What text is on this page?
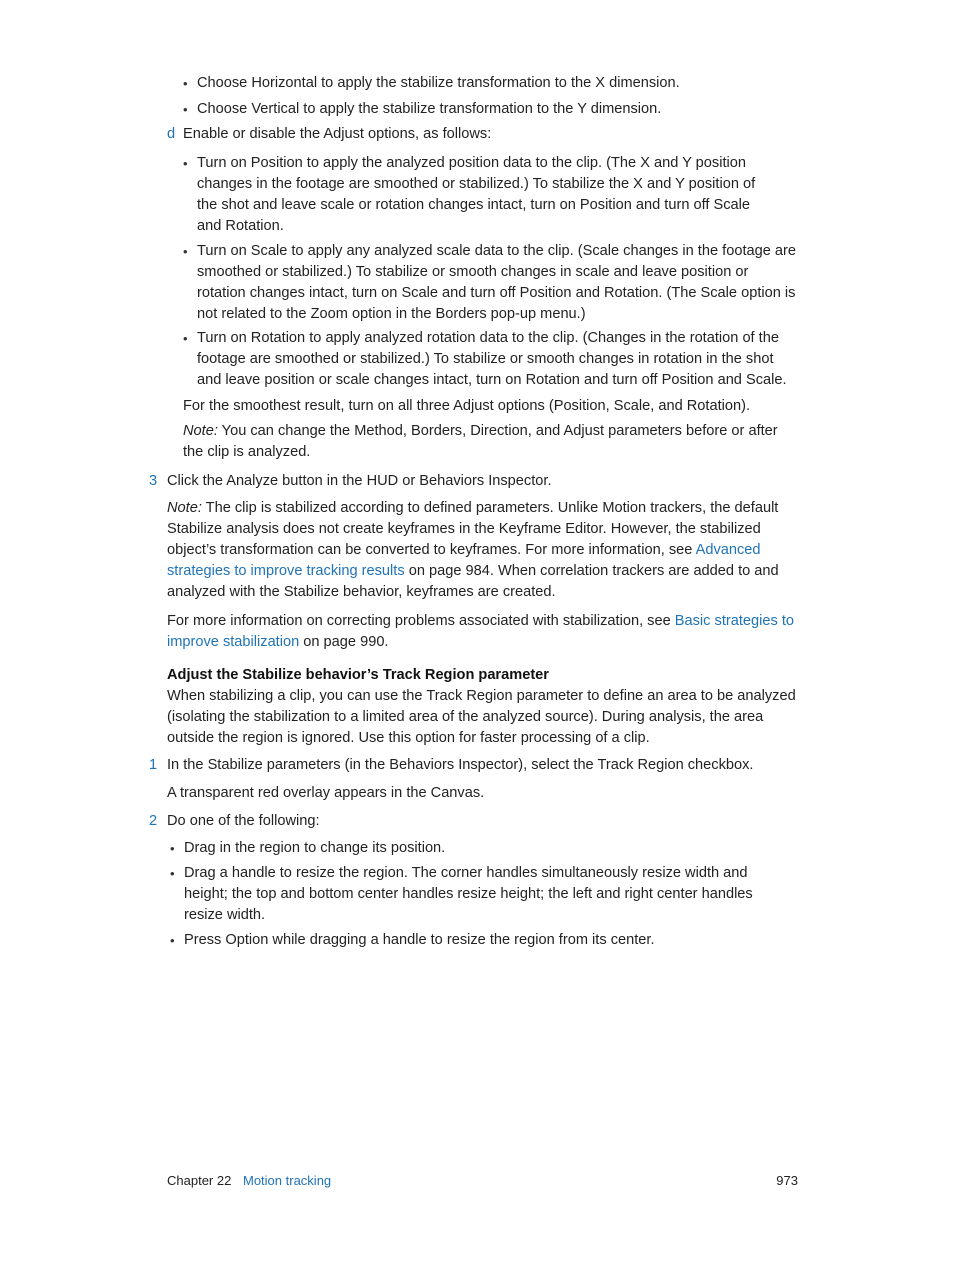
• Choose Horizontal to apply the stabilize transformation to the X dimension.

• Choose Vertical to apply the stabilize transformation to the Y dimension.

d Enable or disable the Adjust options, as follows:

• Turn on Position to apply the analyzed position data to the clip. (The X and Y position changes in the footage are smoothed or stabilized.) To stabilize the X and Y position of the shot and leave scale or rotation changes intact, turn on Position and turn off Scale and Rotation.

• Turn on Scale to apply any analyzed scale data to the clip. (Scale changes in the footage are smoothed or stabilized.) To stabilize or smooth changes in scale and leave position or rotation changes intact, turn on Scale and turn off Position and Rotation. (The Scale option is not related to the Zoom option in the Borders pop-up menu.)

• Turn on Rotation to apply analyzed rotation data to the clip. (Changes in the rotation of the footage are smoothed or stabilized.) To stabilize or smooth changes in rotation in the shot and leave position or scale changes intact, turn on Rotation and turn off Position and Scale.

For the smoothest result, turn on all three Adjust options (Position, Scale, and Rotation).

Note: You can change the Method, Borders, Direction, and Adjust parameters before or after the clip is analyzed.

3 Click the Analyze button in the HUD or Behaviors Inspector.

Note: The clip is stabilized according to defined parameters. Unlike Motion trackers, the default Stabilize analysis does not create keyframes in the Keyframe Editor. However, the stabilized object’s transformation can be converted to keyframes. For more information, see Advanced strategies to improve tracking results on page 984. When correlation trackers are added to and analyzed with the Stabilize behavior, keyframes are created.

For more information on correcting problems associated with stabilization, see Basic strategies to improve stabilization on page 990.

Adjust the Stabilize behavior’s Track Region parameter

When stabilizing a clip, you can use the Track Region parameter to define an area to be analyzed (isolating the stabilization to a limited area of the analyzed source). During analysis, the area outside the region is ignored. Use this option for faster processing of a clip.

1 In the Stabilize parameters (in the Behaviors Inspector), select the Track Region checkbox.

A transparent red overlay appears in the Canvas.

2 Do one of the following:

• Drag in the region to change its position.

• Drag a handle to resize the region. The corner handles simultaneously resize width and height; the top and bottom center handles resize height; the left and right center handles resize width.

• Press Option while dragging a handle to resize the region from its center.

Chapter 22 Motion tracking	973
